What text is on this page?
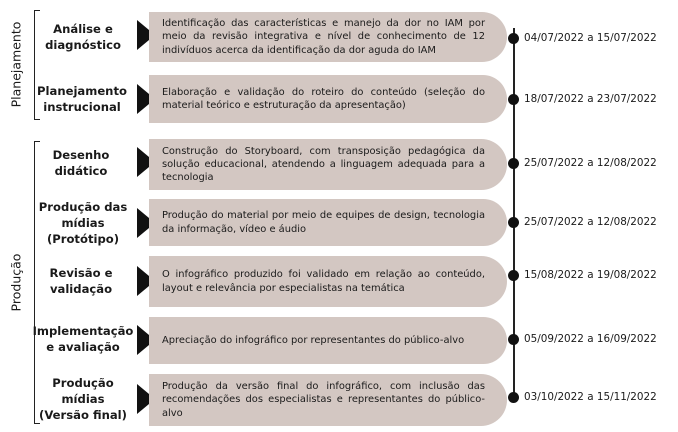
Planejamento
Produção
Análise e diagnóstico
Identificação das características e manejo da dor no IAM por meio da revisão integrativa e nível de conhecimento de 12 indivíduos acerca da identificação da dor aguda do IAM
04/07/2022 a 15/07/2022
Planejamento instrucional
Elaboração e validação do roteiro do conteúdo (seleção do material teórico e estruturação da apresentação)
18/07/2022 a 23/07/2022
Desenho didático
Construção do Storyboard, com transposição pedagógica da solução educacional, atendendo a linguagem adequada para a tecnologia
25/07/2022 a 12/08/2022
Produção das mídias (Protótipo)
Produção do material por meio de equipes de design, tecnologia da informação, vídeo e áudio
25/07/2022 a 12/08/2022
Revisão e validação
O infográfico produzido foi validado em relação ao conteúdo, layout e relevância por especialistas na temática
15/08/2022 a 19/08/2022
Implementação e avaliação	Apreciação do infográfico por representantes do público-alvo	05/09/2022 a 16/09/2022
Produção mídias (Versão final)
Produção da versão final do infográfico, com inclusão das recomendações dos especialistas e representantes do público-alvo
03/10/2022 a 15/11/2022
